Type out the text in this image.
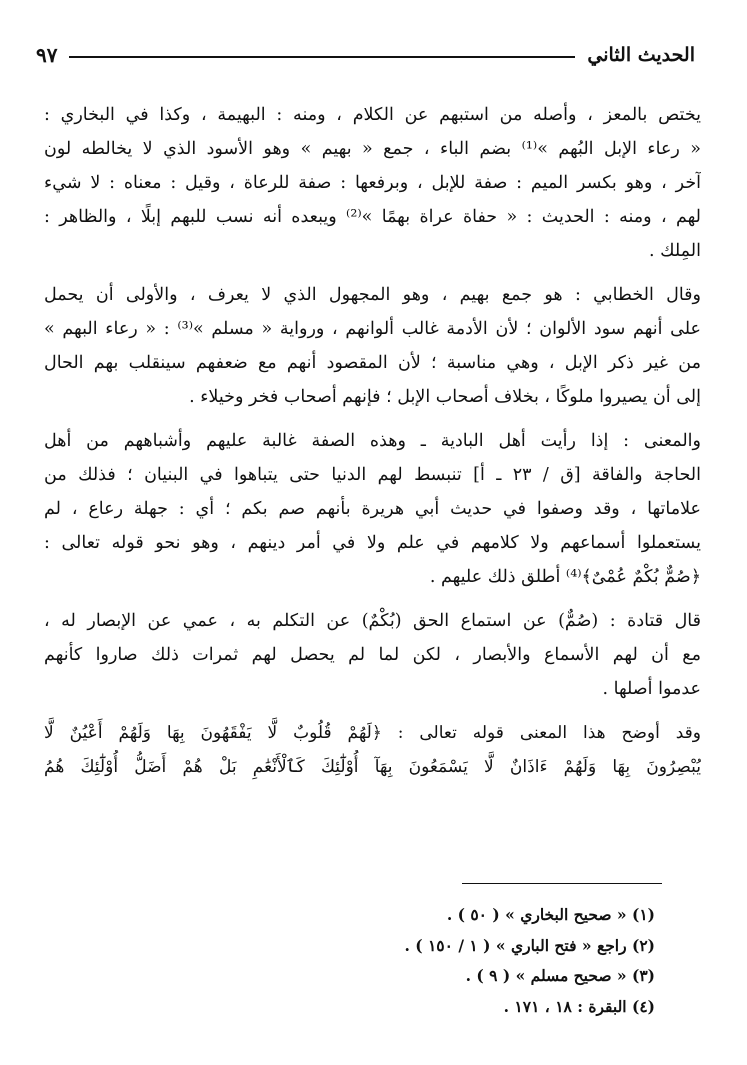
الحديث الثاني
٩٧
يختص بالمعز ، وأصله من استبهم عن الكلام ، ومنه : البهيمة ، وكذا في البخاري :
« رعاء الإبل البُهم »⁽¹⁾ بضم الباء ، جمع « بهيم » وهو الأسود الذي لا يخالطه لون
آخر ، وهو بكسر الميم : صفة للإبل ، وبرفعها : صفة للرعاة ، وقيل : معناه : لا شيء
لهم ، ومنه : الحديث : « حفاة عراة بهمًا »⁽²⁾ ويبعده أنه نسب للبهم إبلًا ، والظاهر :
المِلك .
وقال الخطابي : هو جمع بهيم ، وهو المجهول الذي لا يعرف ، والأولى أن يحمل
على أنهم سود الألوان ؛ لأن الأدمة غالب ألوانهم ، ورواية « مسلم »⁽³⁾ : « رعاء البهم »
من غير ذكر الإبل ، وهي مناسبة ؛ لأن المقصود أنهم مع ضعفهم سينقلب بهم الحال
إلى أن يصيروا ملوكًا ، بخلاف أصحاب الإبل ؛ فإنهم أصحاب فخر وخيلاء .
والمعنى : إذا رأيت أهل البادية ـ وهذه الصفة غالبة عليهم وأشباههم من أهل
الحاجة والفاقة [ق / ٢٣ ـ أ] تنبسط لهم الدنيا حتى يتباهوا في البنيان ؛ فذلك من
علاماتها ، وقد وصفوا في حديث أبي هريرة بأنهم صم بكم ؛ أي : جهلة رعاع ، لم
يستعملوا أسماعهم ولا كلامهم في علم ولا في أمر دينهم ، وهو نحو قوله تعالى :
﴿صُمٌّ بُكْمٌ عُمْىٌ﴾⁽⁴⁾ أطلق ذلك عليهم .
قال قتادة : (صُمٌّ) عن استماع الحق (بُكْمٌ) عن التكلم به ، عمي عن الإبصار له ،
مع أن لهم الأسماع والأبصار ، لكن لما لم يحصل لهم ثمرات ذلك صاروا كأنهم
عدموا أصلها .
وقد أوضح هذا المعنى قوله تعالى : ﴿لَهُمْ قُلُوبٌ لَّا يَفْقَهُونَ بِهَا وَلَهُمْ أَعْيُنٌ لَّا
يُبْصِرُونَ بِهَا وَلَهُمْ ءَاذَانٌ لَّا يَسْمَعُونَ بِهَآ أُوْلَٰٓئِكَ كَٱلْأَنْعَٰمِ بَلْ هُمْ أَضَلُّ أُوْلَٰٓئِكَ هُمُ
(١) « صحيح البخاري » ( ٥٠ ) .
(٢) راجع « فتح الباري » ( ١ / ١٥٠ ) .
(٣) « صحيح مسلم » ( ٩ ) .
(٤) البقرة : ١٨ ، ١٧١ .
